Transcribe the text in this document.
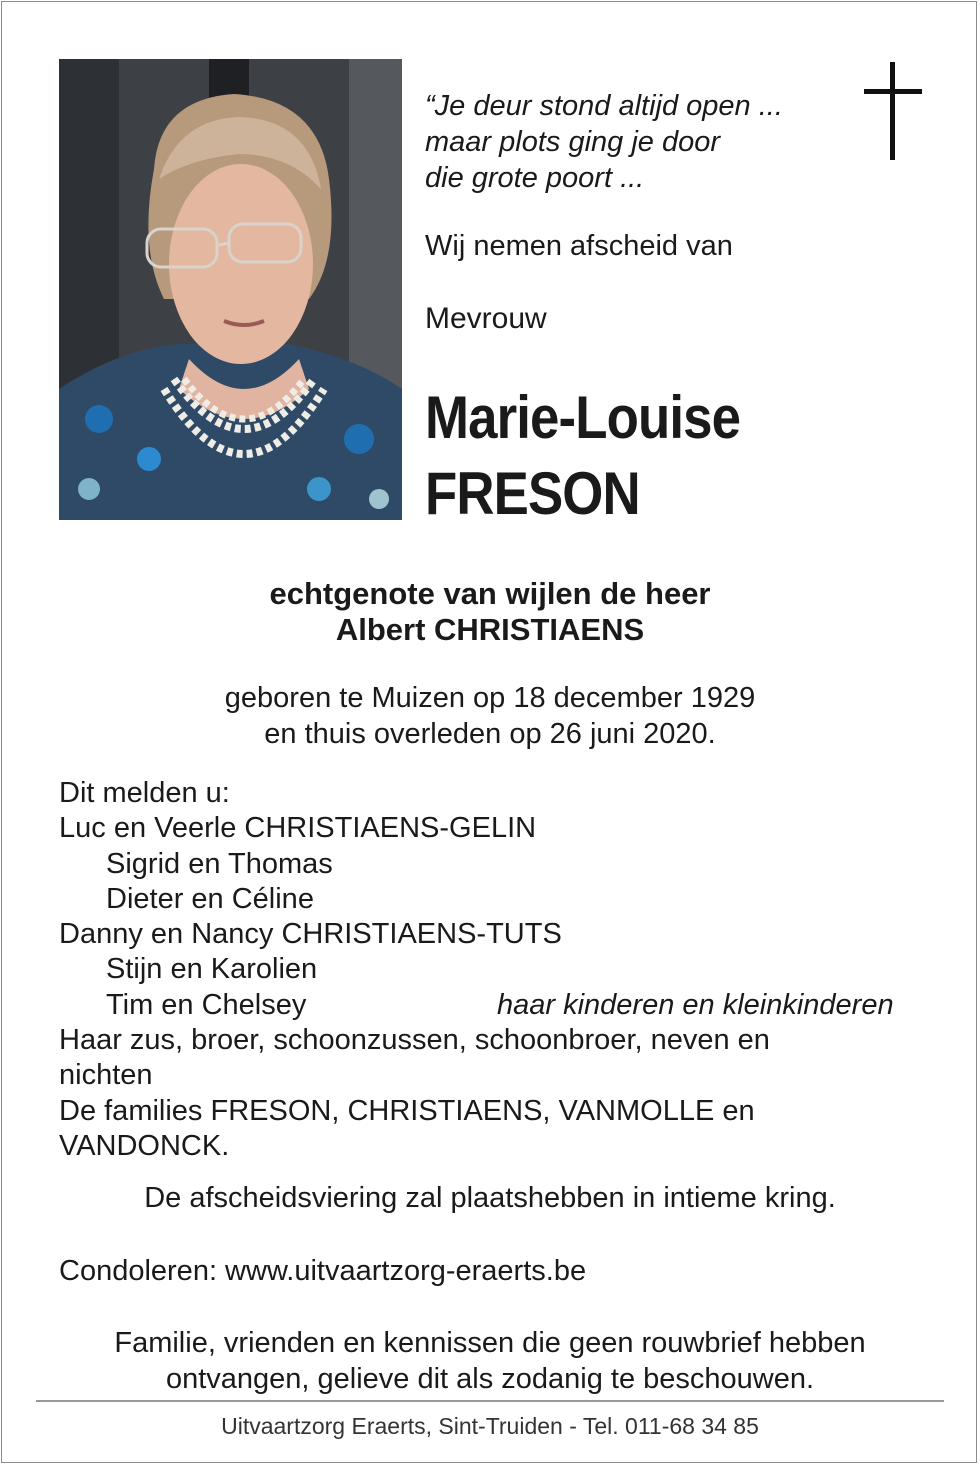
“Je deur stond altijd open ...
maar plots ging je door
die grote poort ...
Wij nemen afscheid van
Mevrouw
Marie-Louise
FRESON
echtgenote van wijlen de heer
Albert CHRISTIAENS
geboren te Muizen op 18 december 1929
en thuis overleden op 26 juni 2020.
Dit melden u:
Luc en Veerle CHRISTIAENS-GELIN
Sigrid en Thomas
Dieter en Céline
Danny en Nancy CHRISTIAENS-TUTS
Stijn en Karolien
Tim en Chelsey	haar kinderen en kleinkinderen
Haar zus, broer, schoonzussen, schoonbroer, neven en
nichten
De families FRESON, CHRISTIAENS, VANMOLLE en
VANDONCK.
De afscheidsviering zal plaatshebben in intieme kring.
Condoleren: www.uitvaartzorg-eraerts.be
Familie, vrienden en kennissen die geen rouwbrief hebben
ontvangen, gelieve dit als zodanig te beschouwen.
Uitvaartzorg Eraerts, Sint-Truiden - Tel. 011-68 34 85
